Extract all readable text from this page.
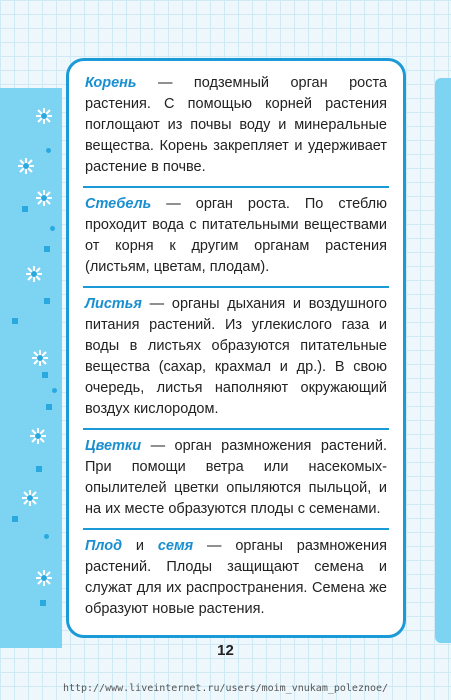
Корень — подземный орган роста растения. С помощью корней растения поглощают из почвы воду и минеральные вещества. Корень закрепляет и удерживает растение в почве.
Стебель — орган роста. По стеблю проходит вода с питательными веществами от корня к другим органам растения (листьям, цветам, плодам).
Листья — органы дыхания и воздушного питания растений. Из углекислого газа и воды в листьях образуются питательные вещества (сахар, крахмал и др.). В свою очередь, листья наполняют окружающий воздух кислородом.
Цветки — орган размножения растений. При помощи ветра или насекомых-опылителей цветки опыляются пыльцой, и на их месте образуются плоды с семенами.
Плод и семя — органы размножения растений. Плоды защищают семена и служат для их распространения. Семена же образуют новые растения.
12
http://www.liveinternet.ru/users/moim_vnukam_poleznoe/
